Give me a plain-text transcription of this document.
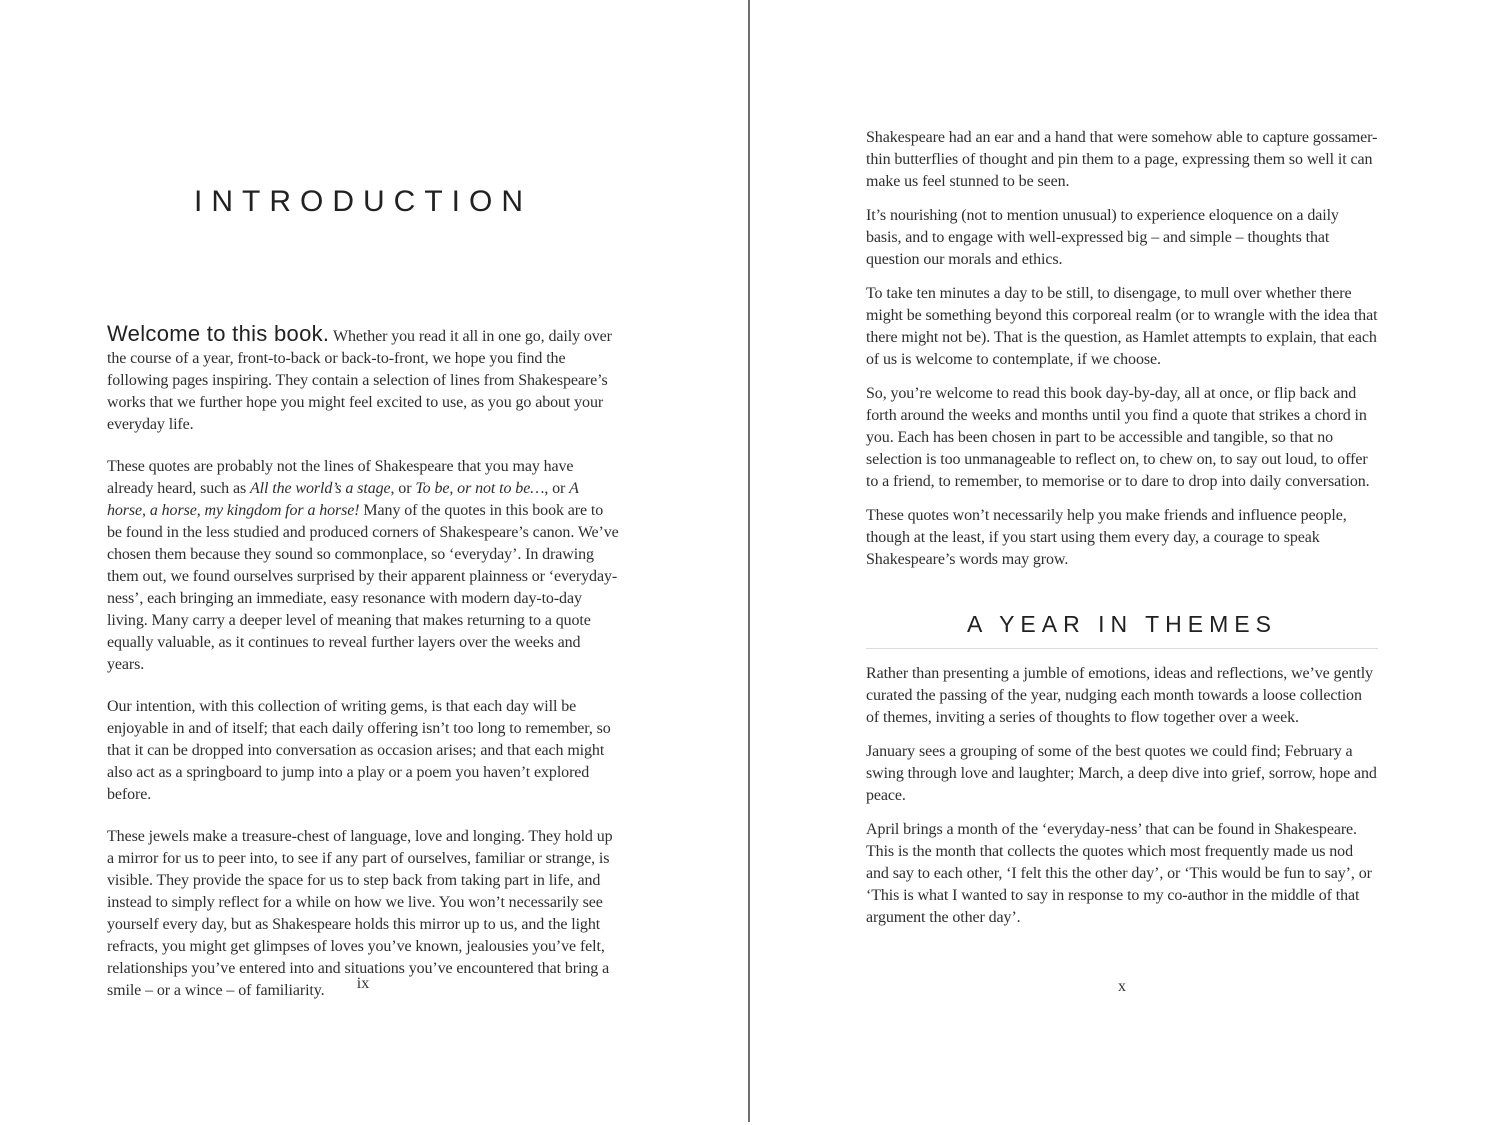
INTRODUCTION

Welcome to this book. Whether you read it all in one go, daily over the course of a year, front-to-back or back-to-front, we hope you find the following pages inspiring. They contain a selection of lines from Shakespeare’s works that we further hope you might feel excited to use, as you go about your everyday life.

These quotes are probably not the lines of Shakespeare that you may have already heard, such as All the world’s a stage, or To be, or not to be…, or A horse, a horse, my kingdom for a horse! Many of the quotes in this book are to be found in the less studied and produced corners of Shakespeare’s canon. We’ve chosen them because they sound so commonplace, so ‘everyday’. In drawing them out, we found ourselves surprised by their apparent plainness or ‘everyday-ness’, each bringing an immediate, easy resonance with modern day-to-day living. Many carry a deeper level of meaning that makes returning to a quote equally valuable, as it continues to reveal further layers over the weeks and years.

Our intention, with this collection of writing gems, is that each day will be enjoyable in and of itself; that each daily offering isn’t too long to remember, so that it can be dropped into conversation as occasion arises; and that each might also act as a springboard to jump into a play or a poem you haven’t explored before.

These jewels make a treasure-chest of language, love and longing. They hold up a mirror for us to peer into, to see if any part of ourselves, familiar or strange, is visible. They provide the space for us to step back from taking part in life, and instead to simply reflect for a while on how we live. You won’t necessarily see yourself every day, but as Shakespeare holds this mirror up to us, and the light refracts, you might get glimpses of loves you’ve known, jealousies you’ve felt, relationships you’ve entered into and situations you’ve encountered that bring a smile – or a wince – of familiarity.

Shakespeare had an ear and a hand that were somehow able to capture gossamer-thin butterflies of thought and pin them to a page, expressing them so well it can make us feel stunned to be seen.

It’s nourishing (not to mention unusual) to experience eloquence on a daily basis, and to engage with well-expressed big – and simple – thoughts that question our morals and ethics.

To take ten minutes a day to be still, to disengage, to mull over whether there might be something beyond this corporeal realm (or to wrangle with the idea that there might not be). That is the question, as Hamlet attempts to explain, that each of us is welcome to contemplate, if we choose.

So, you’re welcome to read this book day-by-day, all at once, or flip back and forth around the weeks and months until you find a quote that strikes a chord in you. Each has been chosen in part to be accessible and tangible, so that no selection is too unmanageable to reflect on, to chew on, to say out loud, to offer to a friend, to remember, to memorise or to dare to drop into daily conversation.

These quotes won’t necessarily help you make friends and influence people, though at the least, if you start using them every day, a courage to speak Shakespeare’s words may grow.

A YEAR IN THEMES

Rather than presenting a jumble of emotions, ideas and reflections, we’ve gently curated the passing of the year, nudging each month towards a loose collection of themes, inviting a series of thoughts to flow together over a week.

January sees a grouping of some of the best quotes we could find; February a swing through love and laughter; March, a deep dive into grief, sorrow, hope and peace.

April brings a month of the ‘everyday-ness’ that can be found in Shakespeare. This is the month that collects the quotes which most frequently made us nod and say to each other, ‘I felt this the other day’, or ‘This would be fun to say’, or ‘This is what I wanted to say in response to my co-author in the middle of that argument the other day’.

ix	x
